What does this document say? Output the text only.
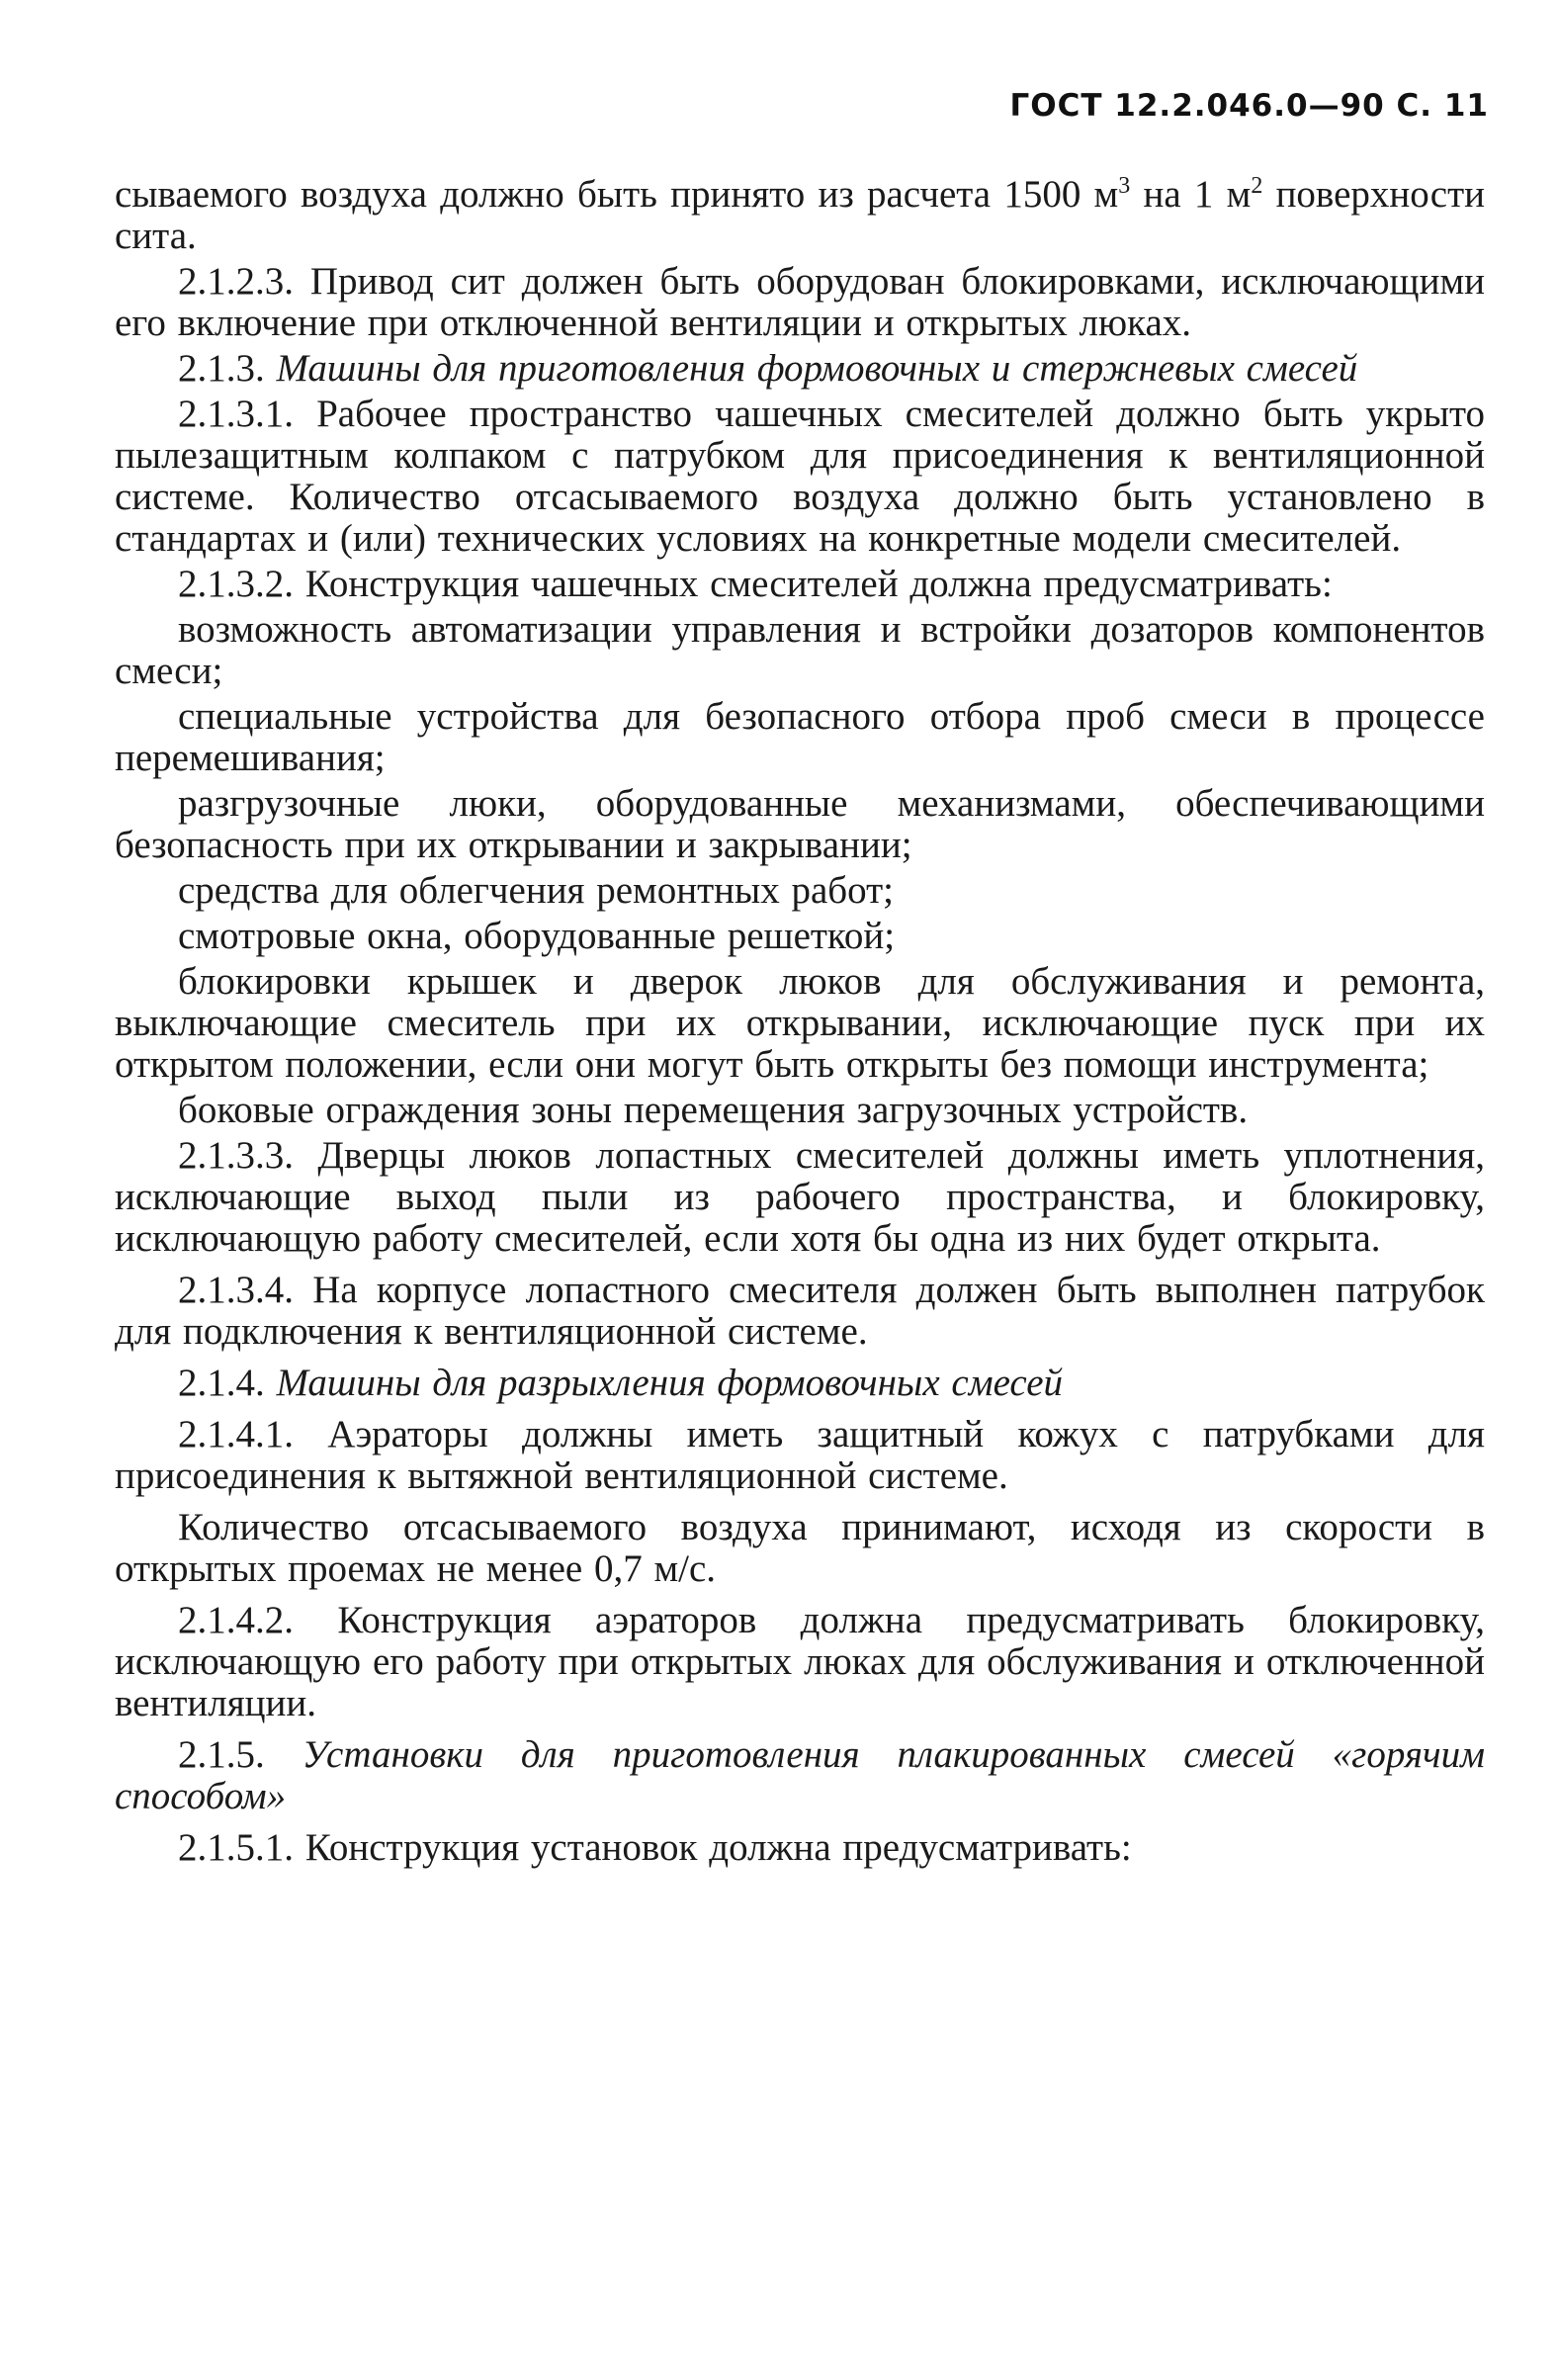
ГОСТ 12.2.046.0—90 С. 11

сываемого воздуха должно быть принято из расчета 1500 $м^3$ на 1 $м^2$ поверхности сита.

2.1.2.3. Привод сит должен быть оборудован блокировками, исключающими его включение при отключенной вентиляции и открытых люках.

2.1.3. Машины для приготовления формовочных и стержневых смесей

2.1.3.1. Рабочее пространство чашечных смесителей должно быть укрыто пылезащитным колпаком с патрубком для присоединения к вентиляционной системе. Количество отсасываемого воздуха должно быть установлено в стандартах и (или) технических условиях на конкретные модели смесителей.

2.1.3.2. Конструкция чашечных смесителей должна предусматривать:

возможность автоматизации управления и встройки дозаторов компонентов смеси;

специальные устройства для безопасного отбора проб смеси в процессе перемешивания;

разгрузочные люки, оборудованные механизмами, обеспечивающими безопасность при их открывании и закрывании;

средства для облегчения ремонтных работ;

смотровые окна, оборудованные решеткой;

блокировки крышек и дверок люков для обслуживания и ремонта, выключающие смеситель при их открывании, исключающие пуск при их открытом положении, если они могут быть открыты без помощи инструмента;

боковые ограждения зоны перемещения загрузочных устройств.

2.1.3.3. Дверцы люков лопастных смесителей должны иметь уплотнения, исключающие выход пыли из рабочего пространства, и блокировку, исключающую работу смесителей, если хотя бы одна из них будет открыта.

2.1.3.4. На корпусе лопастного смесителя должен быть выполнен патрубок для подключения к вентиляционной системе.

2.1.4. Машины для разрыхления формовочных смесей

2.1.4.1. Аэраторы должны иметь защитный кожух с патрубками для присоединения к вытяжной вентиляционной системе.

Количество отсасываемого воздуха принимают, исходя из скорости в открытых проемах не менее 0,7 м/с.

2.1.4.2. Конструкция аэраторов должна предусматривать блокировку, исключающую его работу при открытых люках для обслуживания и отключенной вентиляции.

2.1.5. Установки для приготовления плакированных смесей «горячим способом»

2.1.5.1. Конструкция установок должна предусматривать:
